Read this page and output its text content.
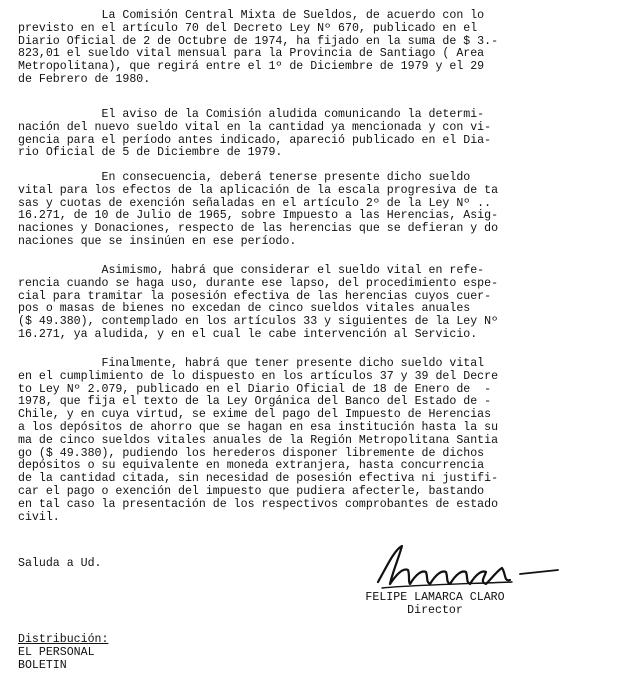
La Comisión Central Mixta de Sueldos, de acuerdo con lo
previsto en el artículo 70 del Decreto Ley Nº 670, publicado en el
Diario Oficial de 2 de Octubre de 1974, ha fijado en la suma de $ 3.-
823,01 el sueldo vital mensual para la Provincia de Santiago ( Area
Metropolitana), que regirá entre el 1º de Diciembre de 1979 y el 29
de Febrero de 1980.
El aviso de la Comisión aludida comunicando la determi-
nación del nuevo sueldo vital en la cantidad ya mencionada y con vi-
gencia para el período antes indicado, apareció publicado en el Dia-
rio Oficial de 5 de Diciembre de 1979.
En consecuencia, deberá tenerse presente dicho sueldo
vital para los efectos de la aplicación de la escala progresiva de ta
sas y cuotas de exención señaladas en el artículo 2º de la Ley Nº ..
16.271, de 10 de Julio de 1965, sobre Impuesto a las Herencias, Asig-
naciones y Donaciones, respecto de las herencias que se defieran y do
naciones que se insinúen en ese período.
Asimismo, habrá que considerar el sueldo vital en refe-
rencia cuando se haga uso, durante ese lapso, del procedimiento espe-
cial para tramitar la posesión efectiva de las herencias cuyos cuer-
pos o masas de bienes no excedan de cinco sueldos vitales anuales
($ 49.380), contemplado en los artículos 33 y siguientes de la Ley Nº
16.271, ya aludida, y en el cual le cabe intervención al Servicio.
Finalmente, habrá que tener presente dicho sueldo vital
en el cumplimiento de lo dispuesto en los artículos 37 y 39 del Decre
to Ley Nº 2.079, publicado en el Diario Oficial de 18 de Enero de  -
1978, que fija el texto de la Ley Orgánica del Banco del Estado de -
Chile, y en cuya virtud, se exime del pago del Impuesto de Herencias
a los depósitos de ahorro que se hagan en esa institución hasta la su
ma de cinco sueldos vitales anuales de la Región Metropolitana Santia
go ($ 49.380), pudiendo los herederos disponer libremente de dichos
depósitos o su equivalente en moneda extranjera, hasta concurrencia
de la cantidad citada, sin necesidad de posesión efectiva ni justifi-
car el pago o exención del impuesto que pudiera afecterle, bastando
en tal caso la presentación de los respectivos comprobantes de estado
civil.
Saluda a Ud.
FELIPE LAMARCA CLARO
Director
Distribución:
EL PERSONAL
BOLETIN
